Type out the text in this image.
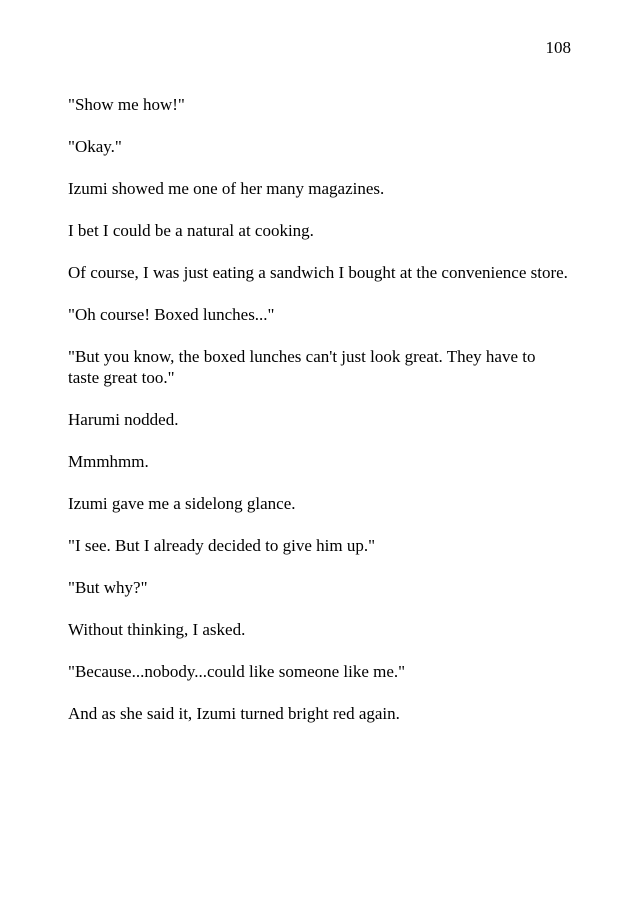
108

"Show me how!"

"Okay."

Izumi showed me one of her many magazines.

I bet I could be a natural at cooking.

Of course, I was just eating a sandwich I bought at the convenience store.

"Oh course! Boxed lunches..."

"But you know, the boxed lunches can't just look great. They have to taste great too."

Harumi nodded.

Mmmhmm.

Izumi gave me a sidelong glance.

"I see. But I already decided to give him up."

"But why?"

Without thinking, I asked.

"Because...nobody...could like someone like me."

And as she said it, Izumi turned bright red again.
